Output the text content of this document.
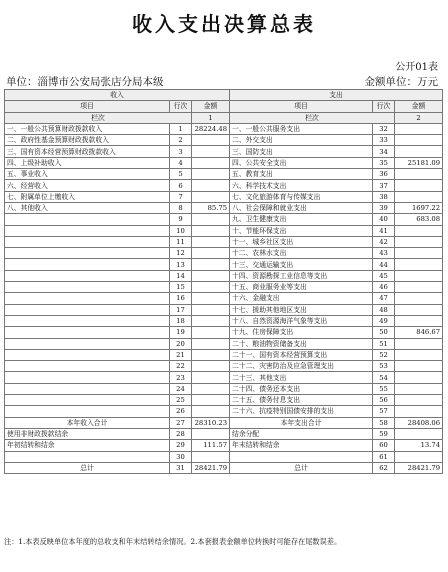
收入支出决算总表
公开01表
单位：淄博市公安局张店分局本级	金额单位：万元
收入			支出		
项目	行次	金额	项目	行次	金额
栏次		1	栏次		2
一、一般公共预算财政拨款收入	1	28224.48	一、一般公共服务支出	32	
二、政府性基金预算财政拨款收入	2		二、外交支出	33	
三、国有资本经营预算财政拨款收入	3		三、国防支出	34	
四、上级补助收入	4		四、公共安全支出	35	25181.09
五、事业收入	5		五、教育支出	36	
六、经营收入	6		六、科学技术支出	37	
七、附属单位上缴收入	7		七、文化旅游体育与传媒支出	38	
八、其他收入	8	85.75	八、社会保障和就业支出	39	1697.22
	9		九、卫生健康支出	40	683.08
	10		十、节能环保支出	41	
	11		十一、城乡社区支出	42	
	12		十二、农林水支出	43	
	13		十三、交通运输支出	44	
	14		十四、资源勘探工业信息等支出	45	
	15		十五、商业服务业等支出	46	
	16		十六、金融支出	47	
	17		十七、援助其他地区支出	48	
	18		十八、自然资源海洋气象等支出	49	
	19		十九、住房保障支出	50	846.67
	20		二十、粮油物资储备支出	51	
	21		二十一、国有资本经营预算支出	52	
	22		二十二、灾害防治及应急管理支出	53	
	23		二十三、其他支出	54	
	24		二十四、债务还本支出	55	
	25		二十五、债务付息支出	56	
	26		二十六、抗疫特别国债安排的支出	57	
本年收入合计	27	28310.23	本年支出合计	58	28408.06
使用非财政拨款结余	28		结余分配	59	
年初结转和结余	29	111.57	年末结转和结余	60	13.74
	30			61	
总计	31	28421.79	总计	62	28421.79
注：1.本表反映单位本年度的总收支和年末结转结余情况。2.本套报表金额单位转换时可能存在尾数误差。
